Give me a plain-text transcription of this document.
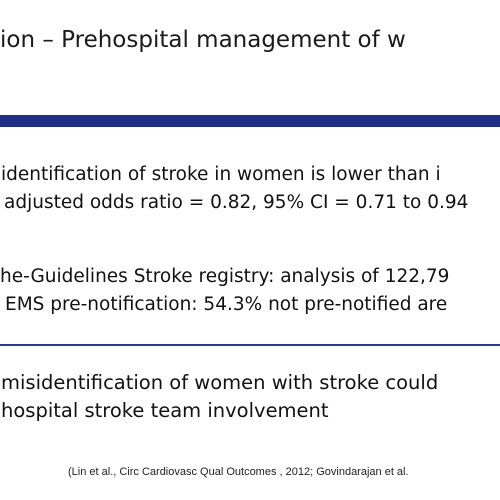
ion – Prehospital management of w
identification of stroke in women is lower than i
adjusted odds ratio = 0.82, 95% CI = 0.71 to 0.94
he-Guidelines Stroke registry: analysis of 122,79
EMS pre-notification: 54.3% not pre-notified are
misidentification of women with stroke could
hospital stroke team involvement
(Lin et al., Circ Cardiovasc Qual Outcomes , 2012; Govindarajan et al.
